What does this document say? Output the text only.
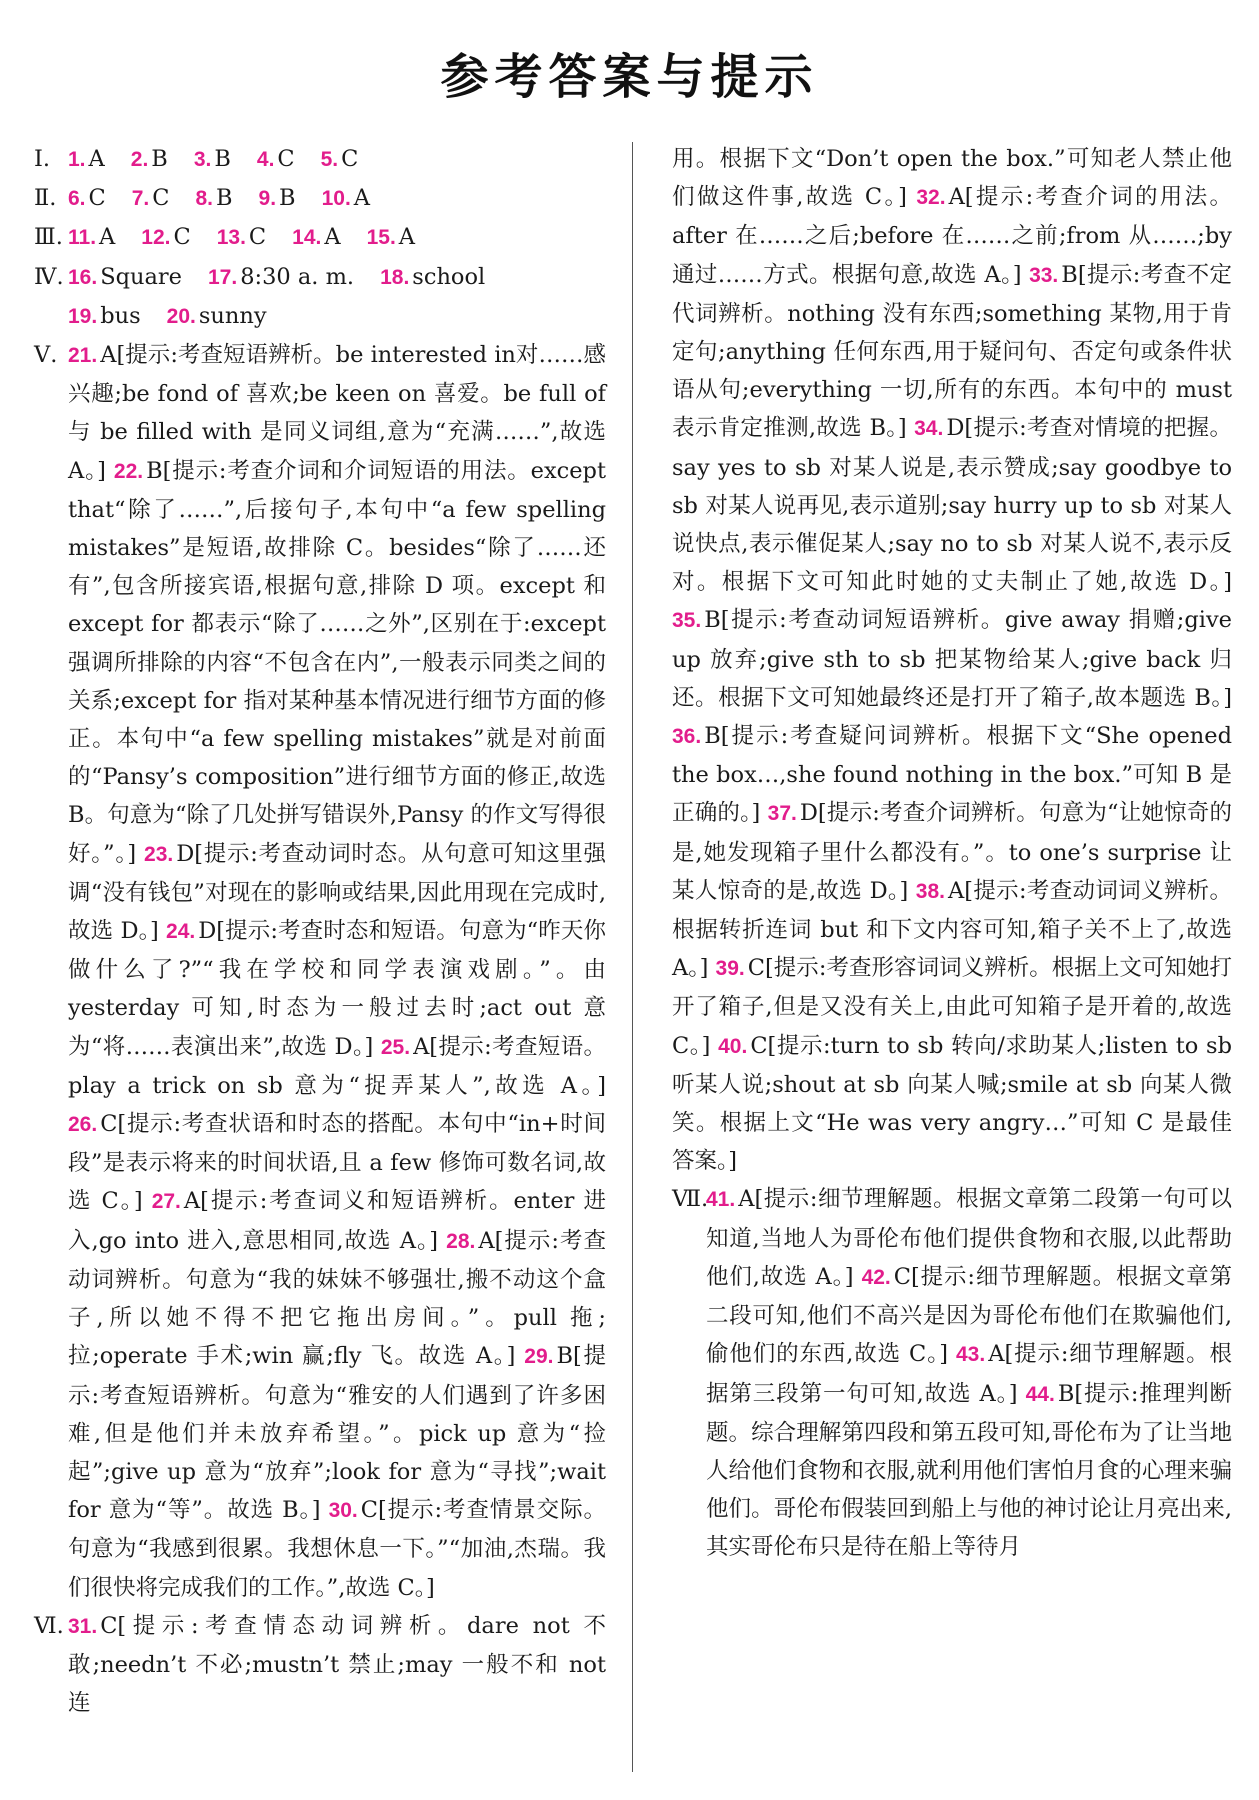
参考答案与提示

Ⅰ. 1. A 2. B 3. B 4. C 5. C

Ⅱ. 6. C 7. C 8. B 9. B 10. A

Ⅲ. 11. A 12. C 13. C 14. A 15. A

Ⅳ. 16. Square 17. 8:30 a. m. 18. school
19. bus 20. sunny

Ⅴ. 21. A[提示:考查短语辨析。be interested in对……感兴趣;be fond of 喜欢;be keen on 喜爱。be full of 与 be filled with 是同义词组,意为“充满……”,故选 A。] 22. B[提示:考查介词和介词短语的用法。except that“除了……”,后接句子,本句中“a few spelling mistakes”是短语,故排除 C。besides“除了……还有”,包含所接宾语,根据句意,排除 D 项。except 和 except for 都表示“除了……之外”,区别在于:except 强调所排除的内容“不包含在内”,一般表示同类之间的关系;except for 指对某种基本情况进行细节方面的修正。本句中“a few spelling mistakes”就是对前面的“Pansy’s composition”进行细节方面的修正,故选 B。句意为“除了几处拼写错误外,Pansy 的作文写得很好。”。] 23. D[提示:考查动词时态。从句意可知这里强调“没有钱包”对现在的影响或结果,因此用现在完成时,故选 D。] 24. D[提示:考查时态和短语。句意为“昨天你做什么了?”“我在学校和同学表演戏剧。”。由 yesterday 可知,时态为一般过去时;act out 意为“将……表演出来”,故选 D。] 25. A[提示:考查短语。play a trick on sb 意为“捉弄某人”,故选 A。] 26. C[提示:考查状语和时态的搭配。本句中“in+时间段”是表示将来的时间状语,且 a few 修饰可数名词,故选 C。] 27. A[提示:考查词义和短语辨析。enter 进入,go into 进入,意思相同,故选 A。] 28. A[提示:考查动词辨析。句意为“我的妹妹不够强壮,搬不动这个盒子,所以她不得不把它拖出房间。”。pull 拖;拉;operate 手术;win 赢;fly 飞。故选 A。] 29. B[提示:考查短语辨析。句意为“雅安的人们遇到了许多困难,但是他们并未放弃希望。”。pick up 意为“捡起”;give up 意为“放弃”;look for 意为“寻找”;wait for 意为“等”。故选 B。] 30. C[提示:考查情景交际。句意为“我感到很累。我想休息一下。”“加油,杰瑞。我们很快将完成我们的工作。”,故选 C。]

Ⅵ. 31. C[提示:考查情态动词辨析。dare not 不敢;needn’t 不必;mustn’t 禁止;may 一般不和 not 连

用。根据下文“Don’t open the box.”可知老人禁止他们做这件事,故选 C。] 32. A[提示:考查介词的用法。after 在……之后;before 在……之前;from 从……;by 通过……方式。根据句意,故选 A。] 33. B[提示:考查不定代词辨析。nothing 没有东西;something 某物,用于肯定句;anything 任何东西,用于疑问句、否定句或条件状语从句;everything 一切,所有的东西。本句中的 must 表示肯定推测,故选 B。] 34. D[提示:考查对情境的把握。say yes to sb 对某人说是,表示赞成;say goodbye to sb 对某人说再见,表示道别;say hurry up to sb 对某人说快点,表示催促某人;say no to sb 对某人说不,表示反对。根据下文可知此时她的丈夫制止了她,故选 D。] 35. B[提示:考查动词短语辨析。give away 捐赠;give up 放弃;give sth to sb 把某物给某人;give back 归还。根据下文可知她最终还是打开了箱子,故本题选 B。] 36. B[提示:考查疑问词辨析。根据下文“She opened the box…,she found nothing in the box.”可知 B 是正确的。] 37. D[提示:考查介词辨析。句意为“让她惊奇的是,她发现箱子里什么都没有。”。to one’s surprise 让某人惊奇的是,故选 D。] 38. A[提示:考查动词词义辨析。根据转折连词 but 和下文内容可知,箱子关不上了,故选 A。] 39. C[提示:考查形容词词义辨析。根据上文可知她打开了箱子,但是又没有关上,由此可知箱子是开着的,故选 C。] 40. C[提示:turn to sb 转向/求助某人;listen to sb 听某人说;shout at sb 向某人喊;smile at sb 向某人微笑。根据上文“He was very angry…”可知 C 是最佳答案。]

Ⅶ.
41. A[提示:细节理解题。根据文章第二段第一句可以知道,当地人为哥伦布他们提供食物和衣服,以此帮助他们,故选 A。] 42. C[提示:细节理解题。根据文章第二段可知,他们不高兴是因为哥伦布他们在欺骗他们,偷他们的东西,故选 C。] 43. A[提示:细节理解题。根据第三段第一句可知,故选 A。] 44. B[提示:推理判断题。综合理解第四段和第五段可知,哥伦布为了让当地人给他们食物和衣服,就利用他们害怕月食的心理来骗他们。哥伦布假装回到船上与他的神讨论让月亮出来,其实哥伦布只是待在船上等待月
